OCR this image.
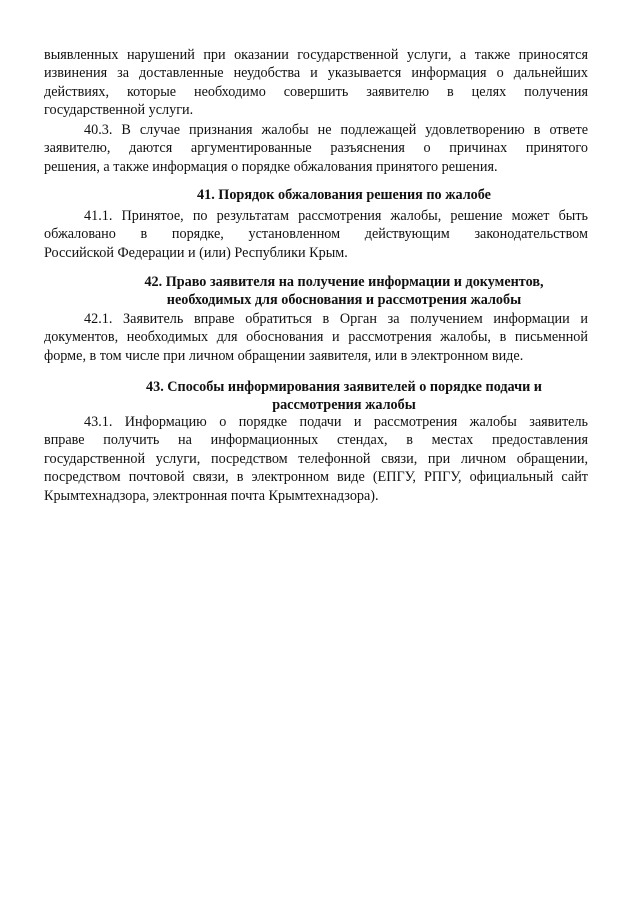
выявленных нарушений при оказании государственной услуги, а также приносятся
извинения за доставленные неудобства и указывается информация о дальнейших
действиях, которые необходимо совершить заявителю в целях получения
государственной услуги.
40.3. В случае признания жалобы не подлежащей удовлетворению в ответе
заявителю, даются аргументированные разъяснения о причинах принятого
решения, а также информация о порядке обжалования принятого решения.
41. Порядок обжалования решения по жалобе
41.1. Принятое, по результатам рассмотрения жалобы, решение может быть
обжаловано в порядке, установленном действующим законодательством
Российской Федерации и (или) Республики Крым.
42. Право заявителя на получение информации и документов,
необходимых для обоснования и рассмотрения жалобы
42.1. Заявитель вправе обратиться в Орган за получением информации и
документов, необходимых для обоснования и рассмотрения жалобы, в письменной
форме, в том числе при личном обращении заявителя, или в электронном виде.
43. Способы информирования заявителей о порядке подачи и
рассмотрения жалобы
43.1. Информацию о порядке подачи и рассмотрения жалобы заявитель
вправе получить на информационных стендах, в местах предоставления
государственной услуги, посредством телефонной связи, при личном обращении,
посредством почтовой связи, в электронном виде (ЕПГУ, РПГУ, официальный сайт
Крымтехнадзора, электронная почта Крымтехнадзора).
